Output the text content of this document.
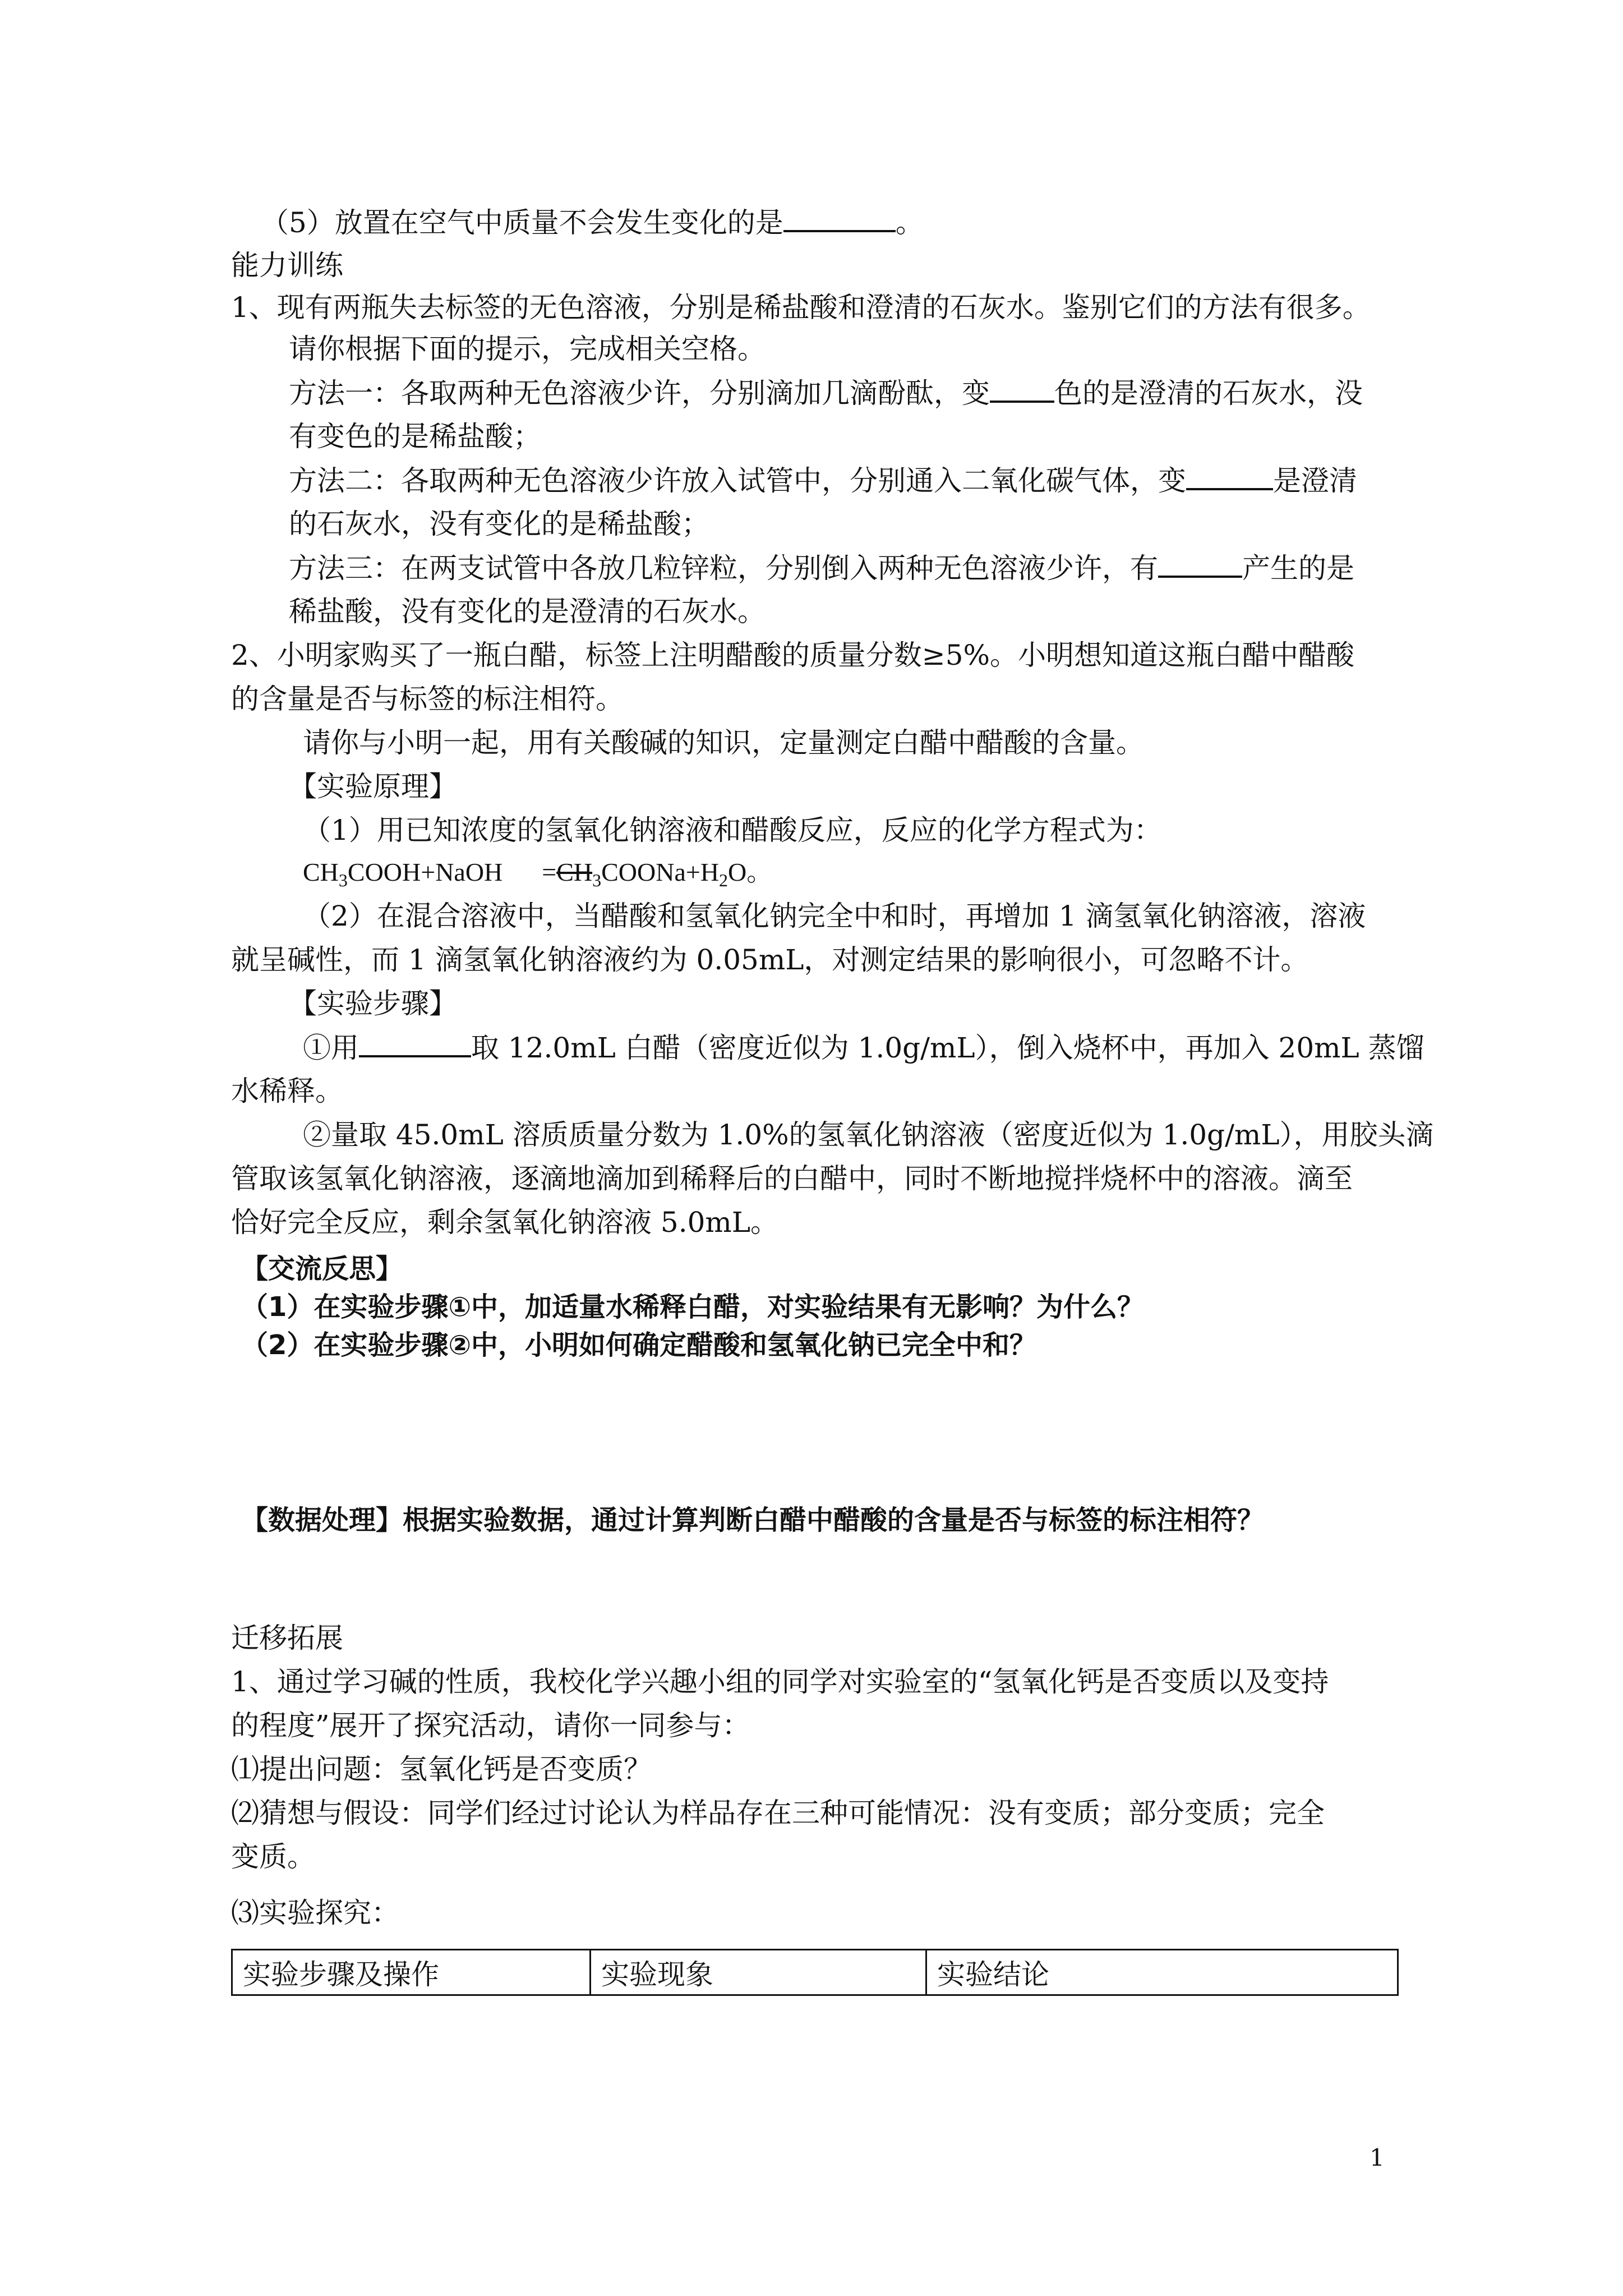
（5）放置在空气中质量不会发生变化的是	。
能力训练
1、现有两瓶失去标签的无色溶液，分别是稀盐酸和澄清的石灰水。鉴别它们的方法有很多。
请你根据下面的提示，完成相关空格。
方法一：各取两种无色溶液少许，分别滴加几滴酚酞，变 色的是澄清的石灰水，没
有变色的是稀盐酸；
方法二：各取两种无色溶液少许放入试管中，分别通入二氧化碳气体，变	是澄清
的石灰水，没有变化的是稀盐酸；
方法三：在两支试管中各放几粒锌粒，分别倒入两种无色溶液少许，有	产生的是
稀盐酸，没有变化的是澄清的石灰水。
2、小明家购买了一瓶白醋，标签上注明醋酸的质量分数≥5%。小明想知道这瓶白醋中醋酸
的含量是否与标签的标注相符。
请你与小明一起，用有关酸碱的知识，定量测定白醋中醋酸的含量。
【实验原理】
（1）用已知浓度的氢氧化钠溶液和醋酸反应，反应的化学方程式为：
$CH_3COOH+NaOH$ $=CH_3COONa+H_2O$。
（2）在混合溶液中，当醋酸和氢氧化钠完全中和时，再增加 1 滴氢氧化钠溶液，溶液
就呈碱性，而 1 滴氢氧化钠溶液约为 0.05mL，对测定结果的影响很小，可忽略不计。
【实验步骤】
①用	取 12.0mL 白醋（密度近似为 1.0g/mL），倒入烧杯中，再加入 20mL 蒸馏
水稀释。
②量取 45.0mL 溶质质量分数为 1.0%的氢氧化钠溶液（密度近似为 1.0g/mL），用胶头滴
管取该氢氧化钠溶液，逐滴地滴加到稀释后的白醋中，同时不断地搅拌烧杯中的溶液。滴至
恰好完全反应，剩余氢氧化钠溶液 5.0mL。
【交流反思】
（1）在实验步骤①中，加适量水稀释白醋，对实验结果有无影响？为什么？
（2）在实验步骤②中，小明如何确定醋酸和氢氧化钠已完全中和？
【数据处理】根据实验数据，通过计算判断白醋中醋酸的含量是否与标签的标注相符？
迁移拓展
1、通过学习碱的性质，我校化学兴趣小组的同学对实验室的“氢氧化钙是否变质以及变持
的程度”展开了探究活动，请你一同参与：
⑴提出问题：氢氧化钙是否变质？
⑵猜想与假设：同学们经过讨论认为样品存在三种可能情况：没有变质；部分变质；完全
变质。
⑶实验探究：
实验步骤及操作	实验现象	实验结论
1
